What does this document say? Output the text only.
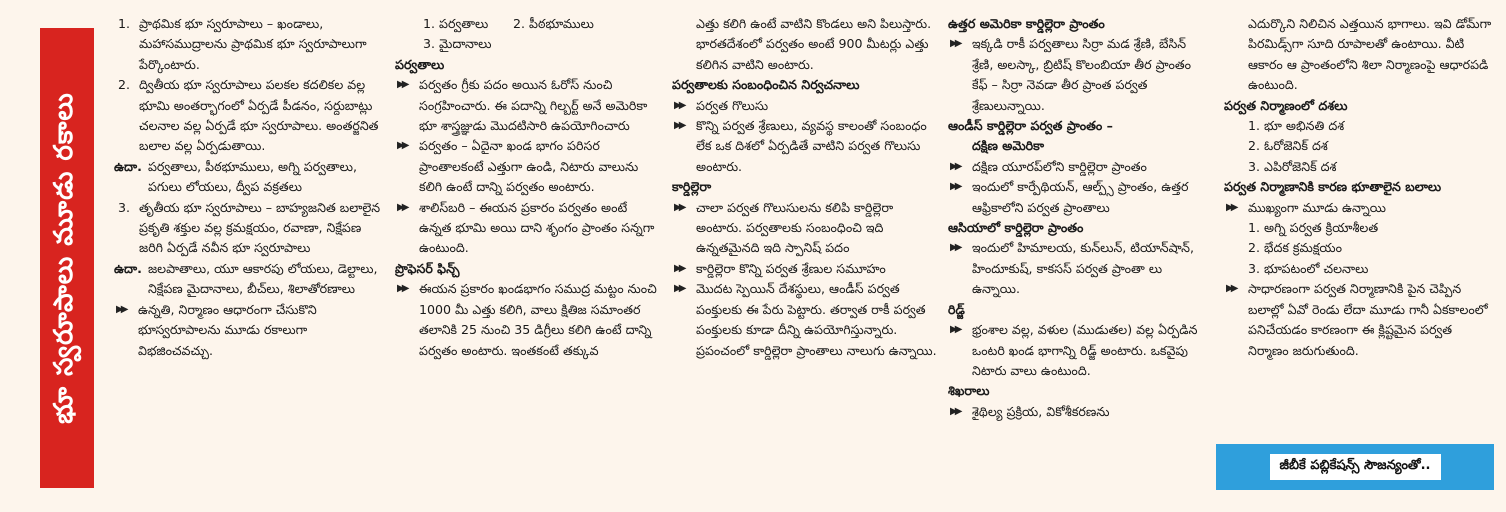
భూ స్వరూపాలు మూడు రకాలు
1. ప్రాథమిక భూ స్వరూపాలు – ఖండాలు, మహాసముద్రాలను ప్రాథమిక భూ స్వరూపాలుగా పేర్కొంటారు.
2. ద్వితీయ భూ స్వరూపాలు పలకల కదలికల వల్ల భూమి అంతర్భాగంలో ఏర్పడే పీడనం, సర్దుబాట్లు చలనాల వల్ల ఏర్పడే భూ స్వరూపాలు. అంతర్జనిత బలాల వల్ల ఏర్పడుతాయి.
ఉదా. పర్వతాలు, పీఠభూములు, అగ్ని పర్వతాలు, పగులు లోయలు, ద్వీప వక్రతలు
3. తృతీయ భూ స్వరూపాలు – బాహ్యజనిత బలాలైన ప్రకృతి శక్తుల వల్ల క్రమక్షయం, రవాణా, నిక్షేపణ జరిగి ఏర్పడే నవీన భూ స్వరూపాలు
ఉదా. జలపాతాలు, యూ ఆకారపు లోయలు, డెల్టాలు, నిక్షేపణ మైదానాలు, బీచ్‌లు, శిలాతోరణాలు
▶▶	ఉన్నతి, నిర్మాణం ఆధారంగా చేసుకొని భూస్వరూపాలను మూడు రకాలుగా విభజించవచ్చు.
1. పర్వతాలు	2. పీఠభూములు
3. మైదానాలు
పర్వతాలు
▶▶	పర్వతం గ్రీకు పదం అయిన ఓరోస్ నుంచి సంగ్రహించారు. ఈ పదాన్ని గిల్బర్ట్ అనే అమెరికా భూ శాస్త్రజ్ఞుడు మొదటిసారి ఉపయోగించారు
▶▶	పర్వతం – ఏదైనా ఖండ భాగం పరిసర ప్రాంతాలకంటే ఎత్తుగా ఉండి, నిటారు వాలును కలిగి ఉంటే దాన్ని పర్వతం అంటారు.
▶▶	శాలిస్‌బరి – ఈయన ప్రకారం పర్వతం అంటే ఉన్నత భూమి అయి దాని శృంగం ప్రాంతం సన్నగా ఉంటుంది.
ప్రొఫెసర్ ఫిన్చ్
▶▶	ఈయన ప్రకారం ఖండభాగం సముద్ర మట్టం నుంచి 1000 మీ ఎత్తు కలిగి, వాలు క్షితిజ సమాంతర తలానికి 25 నుంచి 35 డిగ్రీలు కలిగి ఉంటే దాన్ని పర్వతం అంటారు. ఇంతకంటే తక్కువ
ఎత్తు కలిగి ఉంటే వాటిని కొండలు అని పిలుస్తారు. భారతదేశంలో పర్వతం అంటే 900 మీటర్లు ఎత్తు కలిగిన వాటిని అంటారు.
పర్వతాలకు సంబంధించిన నిర్వచనాలు
▶▶	పర్వత గొలుసు
▶▶	కొన్ని పర్వత శ్రేణులు, వ్యవస్థ కాలంతో సంబంధం లేక ఒక దిశలో ఏర్పడితే వాటిని పర్వత గొలుసు అంటారు.
కార్డిల్లెరా
▶▶	చాలా పర్వత గొలుసులను కలిపి కార్డిల్లెరా అంటారు. పర్వతాలకు సంబంధించి ఇది ఉన్నతమైనది ఇది స్పానిష్ పదం
▶▶	కార్డిల్లెరా కొన్ని పర్వత శ్రేణుల సమూహం
▶▶	మొదట స్పెయిన్ దేశస్థులు, ఆండీస్ పర్వత పంక్తులకు ఈ పేరు పెట్టారు. తర్వాత రాకీ పర్వత పంక్తులకు కూడా దీన్ని ఉపయోగిస్తున్నారు. ప్రపంచంలో కార్డిల్లెరా ప్రాంతాలు నాలుగు ఉన్నాయి.
ఉత్తర అమెరికా కార్డిల్లెరా ప్రాంతం
▶▶	ఇక్కడి రాకీ పర్వతాలు సిర్రా మడ శ్రేణి, బేసిన్ శ్రేణి, అలస్కా, బ్రిటిష్ కొలంబియా తీర ప్రాంతం కేఫ్ – సిర్రా నెవడా తీర ప్రాంత పర్వత శ్రేణులున్నాయి.
ఆండీస్ కార్డిల్లెరా పర్వత ప్రాంతం –
దక్షిణ అమెరికా
▶▶	దక్షిణ యూరప్‌లోని కార్డిల్లెరా ప్రాంతం
▶▶	ఇందులో కార్పేథియన్, ఆల్ప్స్ ప్రాంతం, ఉత్తర ఆఫ్రికాలోని పర్వత ప్రాంతాలు
ఆసియాలో కార్డిల్లెరా ప్రాంతం
▶▶	ఇందులో హిమాలయ, కున్‌లున్, టియాన్‌షాన్, హిందూకుష్, కాకసస్ పర్వత ప్రాంతా లు ఉన్నాయి.
రిడ్జ్
▶▶	భ్రంశాల వల్ల, వళుల (ముడుతల) వల్ల ఏర్పడిన ఒంటరి ఖండ భాగాన్ని రిడ్జ్ అంటారు. ఒకవైపు నిటారు వాలు ఉంటుంది.
శిఖరాలు
▶▶	శైథిల్య ప్రక్రియ, వికోశీకరణను
ఎదుర్కొని నిలిచిన ఎత్తయిన భాగాలు. ఇవి డోమ్‌గా పిరమిడ్స్‌గా సూది రూపాలతో ఉంటాయి. వీటి ఆకారం ఆ ప్రాంతంలోని శిలా నిర్మాణంపై ఆధారపడి ఉంటుంది.
పర్వత నిర్మాణంలో దశలు
1. భూ అభినతి దశ
2. ఓరోజెనిక్ దశ
3. ఎపిరోజెనిక్ దశ
పర్వత నిర్మాణానికి కారణ భూతాలైన బలాలు
▶▶	ముఖ్యంగా మూడు ఉన్నాయి
1. అగ్ని పర్వత క్రియాశీలత
2. భేదక క్రమక్షయం
3. భూపటంలో చలనాలు
▶▶	సాధారణంగా పర్వత నిర్మాణానికి పైన చెప్పిన బలాల్లో ఏవో రెండు లేదా మూడు గానీ ఏకకాలంలో పనిచేయడం కారణంగా ఈ క్లిష్టమైన పర్వత నిర్మాణం జరుగుతుంది.
జీబీకే పబ్లికేషన్స్ సౌజన్యంతో..
